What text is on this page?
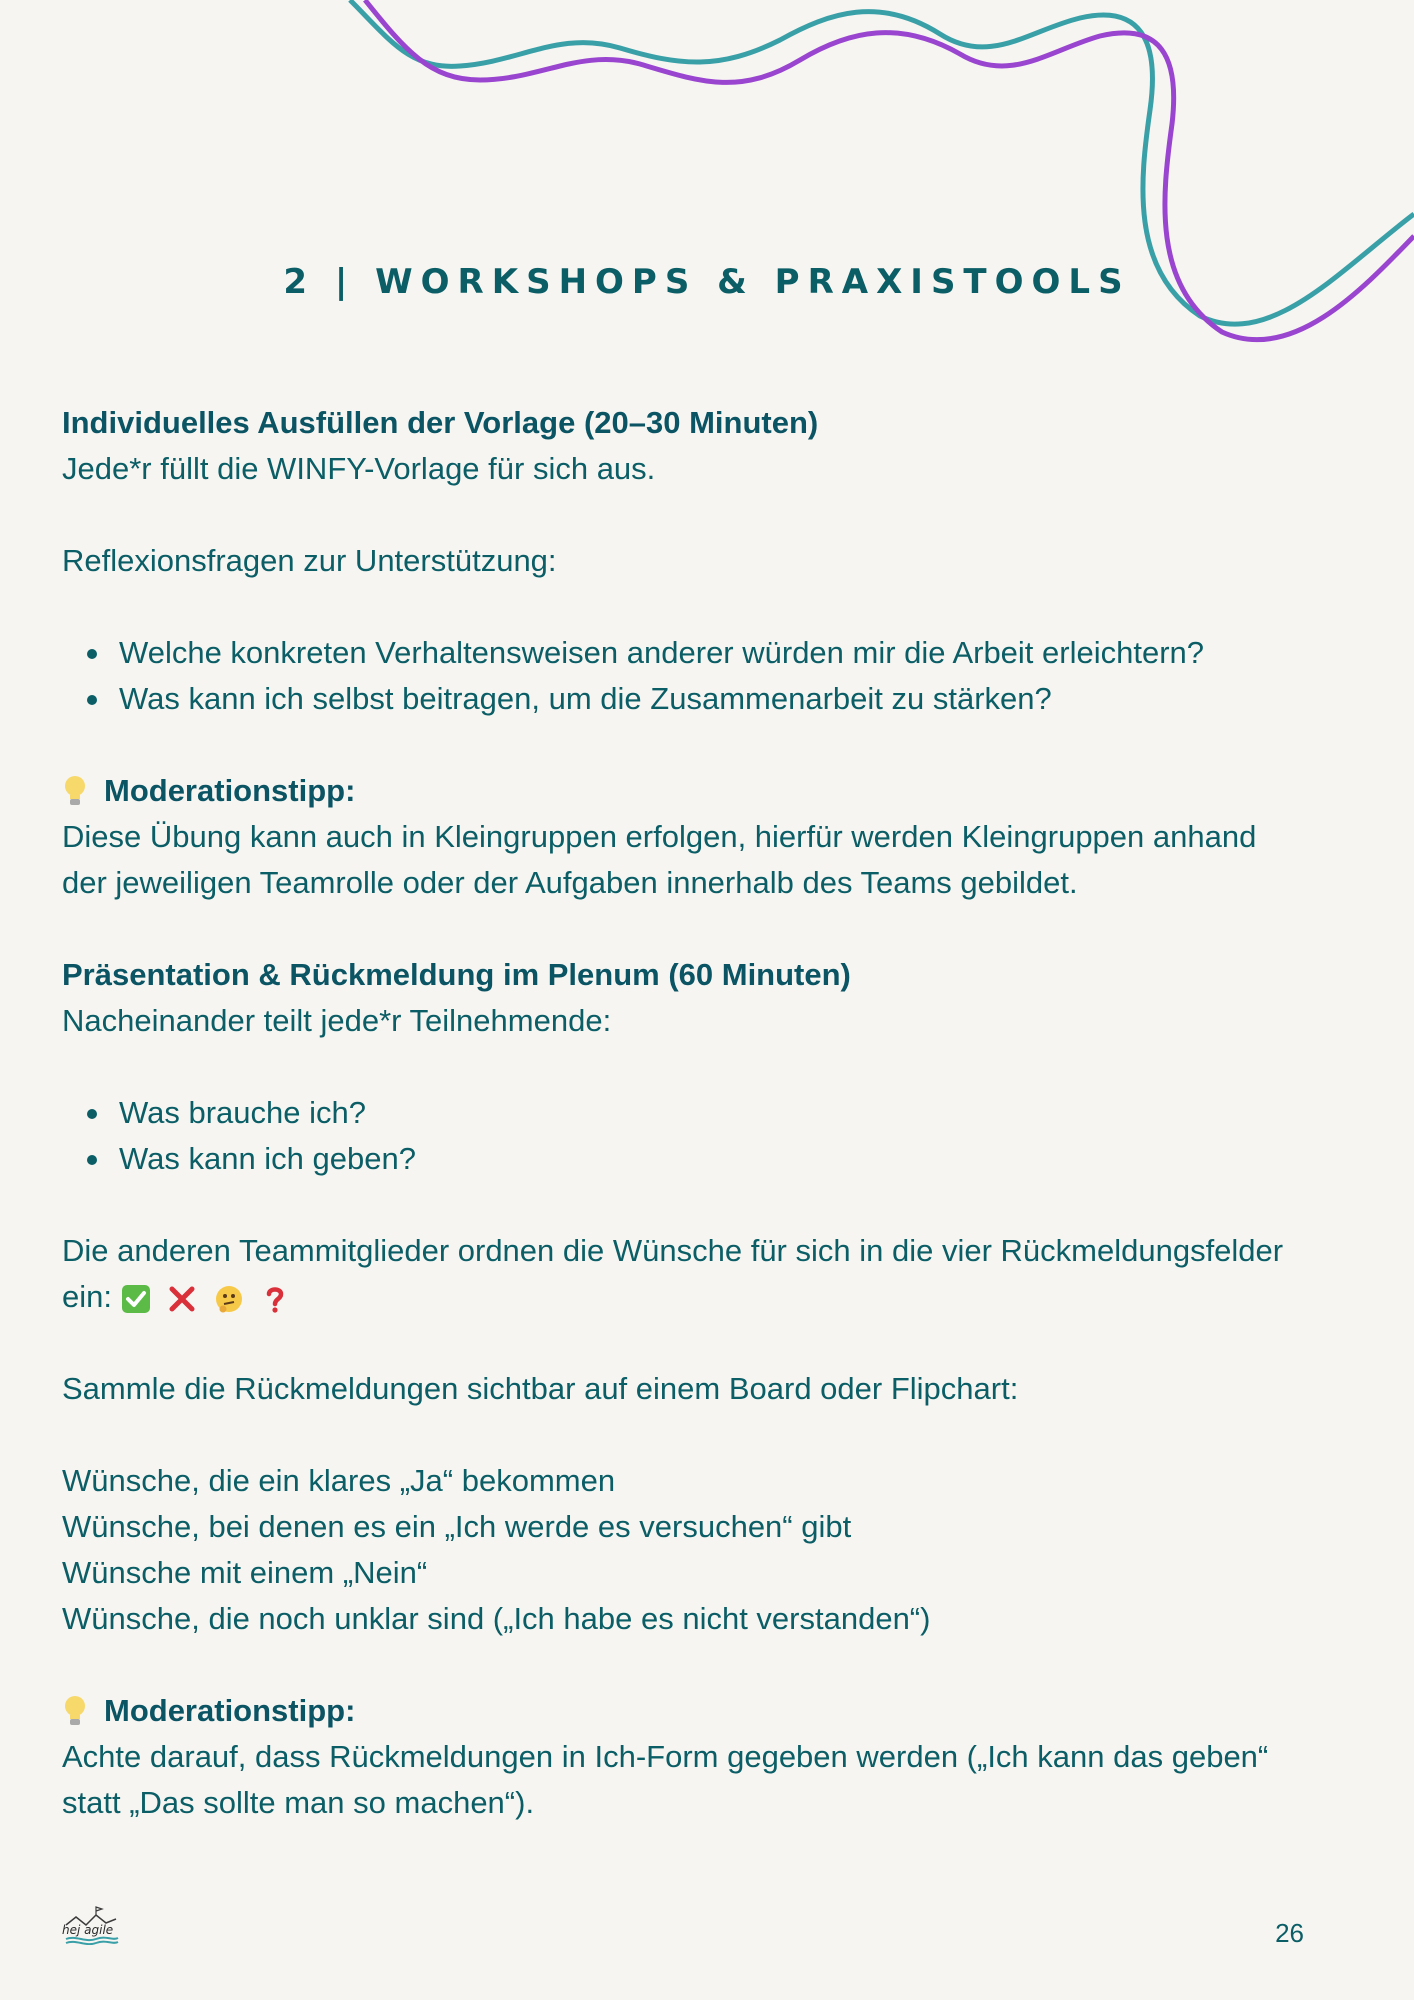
2 | WORKSHOPS & PRAXISTOOLS

Individuelles Ausfüllen der Vorlage (20–30 Minuten)

Jede*r füllt die WINFY-Vorlage für sich aus.

Reflexionsfragen zur Unterstützung:

Welche konkreten Verhaltensweisen anderer würden mir die Arbeit erleichtern?
Was kann ich selbst beitragen, um die Zusammenarbeit zu stärken?
Moderationstipp:

Diese Übung kann auch in Kleingruppen erfolgen, hierfür werden Kleingruppen anhand

der jeweiligen Teamrolle oder der Aufgaben innerhalb des Teams gebildet.

Präsentation & Rückmeldung im Plenum (60 Minuten)

Nacheinander teilt jede*r Teilnehmende:

Was brauche ich?
Was kann ich geben?

Die anderen Teammitglieder ordnen die Wünsche für sich in die vier Rückmeldungsfelder

ein:

Sammle die Rückmeldungen sichtbar auf einem Board oder Flipchart:

Wünsche, die ein klares „Ja“ bekommen

Wünsche, bei denen es ein „Ich werde es versuchen“ gibt

Wünsche mit einem „Nein“

Wünsche, die noch unklar sind („Ich habe es nicht verstanden“)

Moderationstipp:

Achte darauf, dass Rückmeldungen in Ich-Form gegeben werden („Ich kann das geben“

statt „Das sollte man so machen“).

hej agile	26
